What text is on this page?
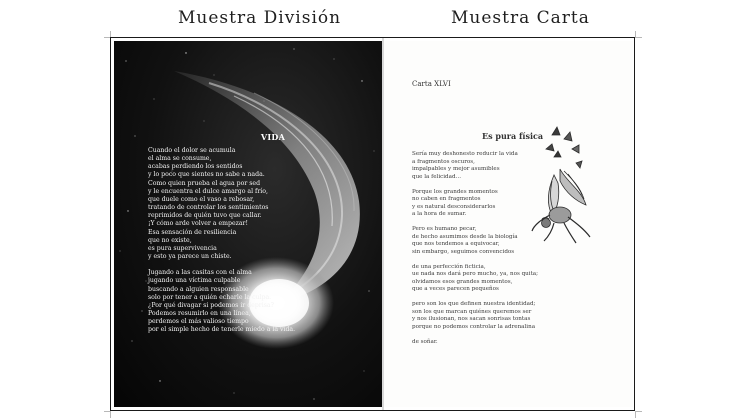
Muestra División	Muestra Carta
VIDA
Cuando el dolor se acumula
el alma se consume,
acabas perdiendo los sentidos
y lo poco que sientes no sabe a nada.
Como quien prueba el agua por sed
y le encuentra el dulce amargo al frío,
que duele como el vaso a rebosar,
tratando de controlar los sentimientos
reprimidos de quién tuvo que callar.
¡Y cómo arde volver a empezar!
Esa sensación de resiliencia
que no existe,
es pura supervivencia
y esto ya parece un chiste.
Jugando a las casitas con el alma
jugando una víctima culpable
buscando a alguien responsable
solo por tener a quién echarle la culpa.
¿Por qué divagar si podemos ir deprisa?
Podemos resumirlo en una línea,
perdemos el más valioso tiempo
por el simple hecho de tenerle miedo a la vida.
Carta XLVI
Es pura física
Sería muy deshonesto reducir la vida
a fragmentos oscuros,
impalpables y mejor asumibles
que la felicidad…
Porque los grandes momentos
no caben en fragmentos
y es natural desconsiderarlos
a la hora de sumar.
Pero es humano pecar,
de hecho asumimos desde la biología
que nos tendemos a equivocar,
sin embargo, seguimos convencidos
de una perfección ficticia,
ue nada nos dará pero mucho, ya, nos quita;
olvidamos esos grandes momentos,
que a veces parecen pequeños
pero son los que definen nuestra identidad;
son los que marcan quiénes queremos ser
y nos ilusionan, nos sacan sonrisas tontas
porque no podemos controlar la adrenalina
de soñar.
